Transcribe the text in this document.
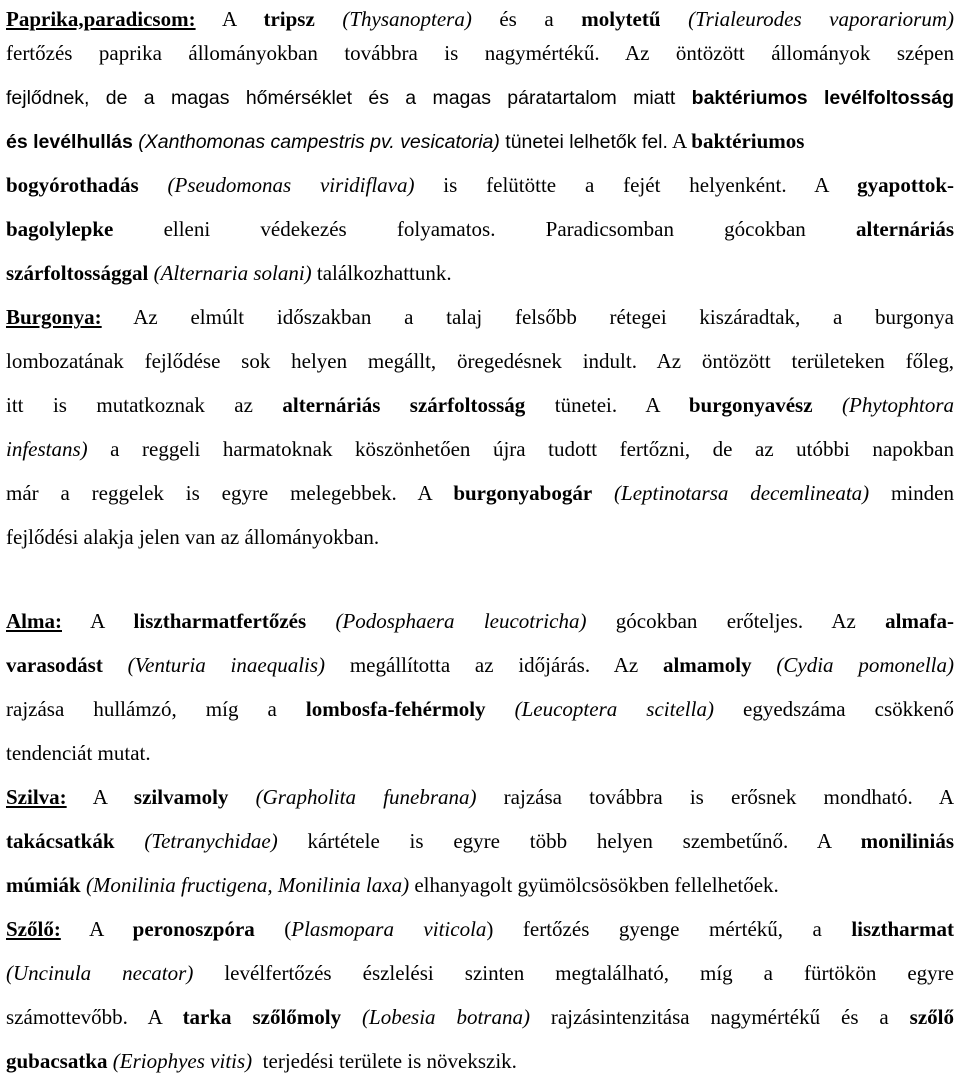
Paprika,paradicsom: A tripsz (Thysanoptera) és a molytetű (Trialeurodes vaporariorum)
fertőzés paprika állományokban továbbra is nagymértékű. Az öntözött állományok szépen
fejlődnek, de a magas hőmérséklet és a magas páratartalom miatt baktériumos levélfoltosság
és levélhullás (Xanthomonas campestris pv. vesicatoria) tünetei lelhetők fel. A baktériumos
bogyórothadás (Pseudomonas viridiflava) is felütötte a fejét helyenként. A gyapottok-
bagolylepke elleni védekezés folyamatos. Paradicsomban gócokban alternáriás
szárfoltossággal (Alternaria solani) találkozhattunk.
Burgonya: Az elmúlt időszakban a talaj felsőbb rétegei kiszáradtak, a burgonya
lombozatának fejlődése sok helyen megállt, öregedésnek indult. Az öntözött területeken főleg,
itt is mutatkoznak az alternáriás szárfoltosság tünetei. A burgonyavész (Phytophtora
infestans) a reggeli harmatoknak köszönhetően újra tudott fertőzni, de az utóbbi napokban
már a reggelek is egyre melegebbek. A burgonyabogár (Leptinotarsa decemlineata) minden
fejlődési alakja jelen van az állományokban.
Alma: A lisztharmatfertőzés (Podosphaera leucotricha) gócokban erőteljes. Az almafa-
varasodást (Venturia inaequalis) megállította az időjárás. Az almamoly (Cydia pomonella)
rajzása hullámzó, míg a lombosfa-fehérmoly (Leucoptera scitella) egyedszáma csökkenő
tendenciát mutat.
Szilva: A szilvamoly (Grapholita funebrana) rajzása továbbra is erősnek mondható. A
takácsatkák (Tetranychidae) kártétele is egyre több helyen szembetűnő. A moniliniás
múmiák (Monilinia fructigena, Monilinia laxa) elhanyagolt gyümölcsösökben fellelhetőek.
Szőlő: A peronoszpóra (Plasmopara viticola) fertőzés gyenge mértékű, a lisztharmat
(Uncinula necator) levélfertőzés észlelési szinten megtalálható, míg a fürtökön egyre
számottevőbb. A tarka szőlőmoly (Lobesia botrana) rajzásintenzitása nagymértékű és a szőlő
gubacsatka (Eriophyes vitis)  terjedési területe is növekszik.
